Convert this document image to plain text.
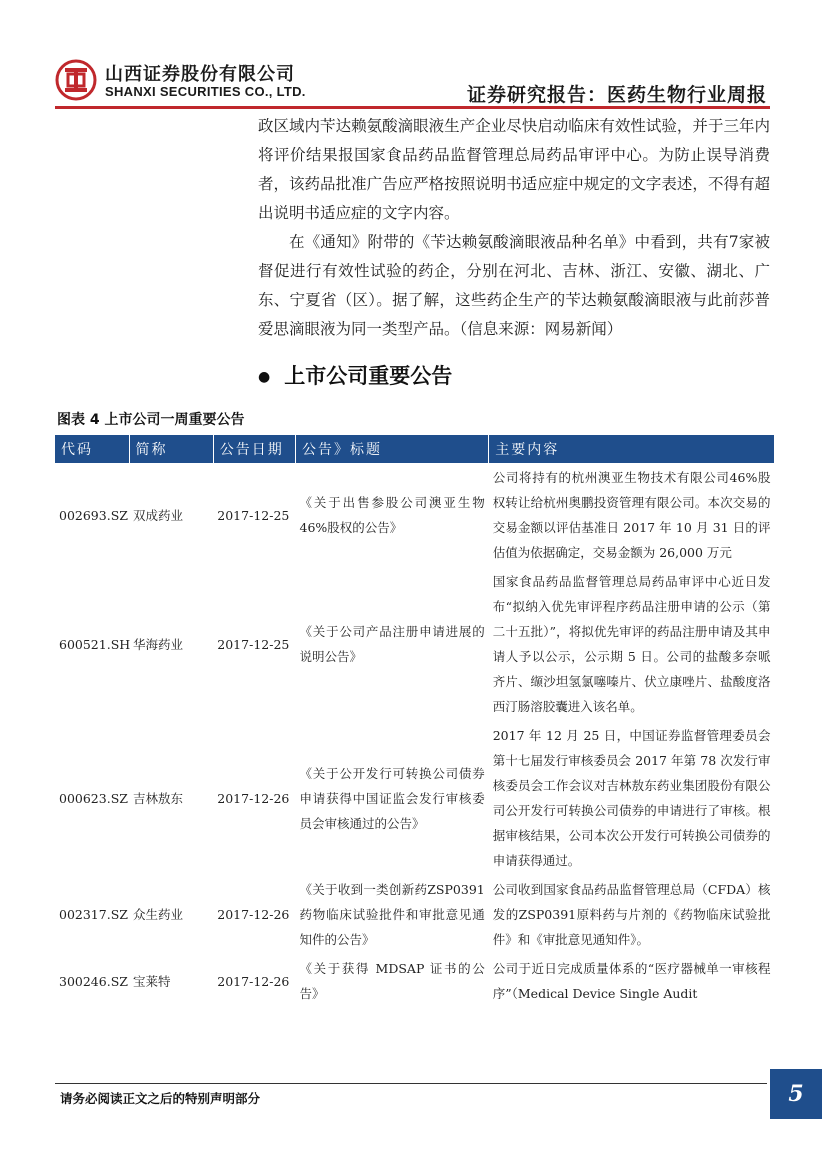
山西证券股份有限公司
SHANXI SECURITIES CO., LTD.	证券研究报告：医药生物行业周报

政区域内苄达赖氨酸滴眼液生产企业尽快启动临床有效性试验，并于三年内将评价结果报国家食品药品监督管理总局药品审评中心。为防止误导消费者，该药品批准广告应严格按照说明书适应症中规定的文字表述，不得有超出说明书适应症的文字内容。

在《通知》附带的《苄达赖氨酸滴眼液品种名单》中看到，共有7家被督促进行有效性试验的药企，分别在河北、吉林、浙江、安徽、湖北、广东、宁夏省（区）。据了解，这些药企生产的苄达赖氨酸滴眼液与此前莎普爱思滴眼液为同一类型产品。（信息来源：网易新闻）

● 上市公司重要公告
图表 4 上市公司一周重要公告
代码	简称	公告日期	公告》标题	主要内容
002693.SZ	双成药业	2017-12-25	《关于出售参股公司澳亚生物 46%股权的公告》	公司将持有的杭州澳亚生物技术有限公司46%股权转让给杭州奥鹏投资管理有限公司。本次交易的交易金额以评估基准日 2017 年 10 月 31 日的评估值为依据确定，交易金额为 26,000 万元
600521.SH	华海药业	2017-12-25	《关于公司产品注册申请进展的说明公告》	国家食品药品监督管理总局药品审评中心近日发布“拟纳入优先审评程序药品注册申请的公示（第二十五批）”，将拟优先审评的药品注册申请及其申请人予以公示，公示期 5 日。公司的盐酸多奈哌齐片、缬沙坦氢氯噻嗪片、伏立康唑片、盐酸度洛西汀肠溶胶囊进入该名单。
000623.SZ	吉林敖东	2017-12-26	《关于公开发行可转换公司债券申请获得中国证监会发行审核委员会审核通过的公告》	2017 年 12 月 25 日，中国证券监督管理委员会第十七届发行审核委员会 2017 年第 78 次发行审核委员会工作会议对吉林敖东药业集团股份有限公司公开发行可转换公司债券的申请进行了审核。根据审核结果，公司本次公开发行可转换公司债券的申请获得通过。
002317.SZ	众生药业	2017-12-26	《关于收到一类创新药ZSP0391 药物临床试验批件和审批意见通知件的公告》	公司收到国家食品药品监督管理总局（CFDA）核发的ZSP0391原料药与片剂的《药物临床试验批件》和《审批意见通知件》。
300246.SZ	宝莱特	2017-12-26	《关于获得 MDSAP 证书的公告》	公司于近日完成质量体系的“医疗器械单一审核程序”（Medical Device Single Audit
请务必阅读正文之后的特别声明部分	5
